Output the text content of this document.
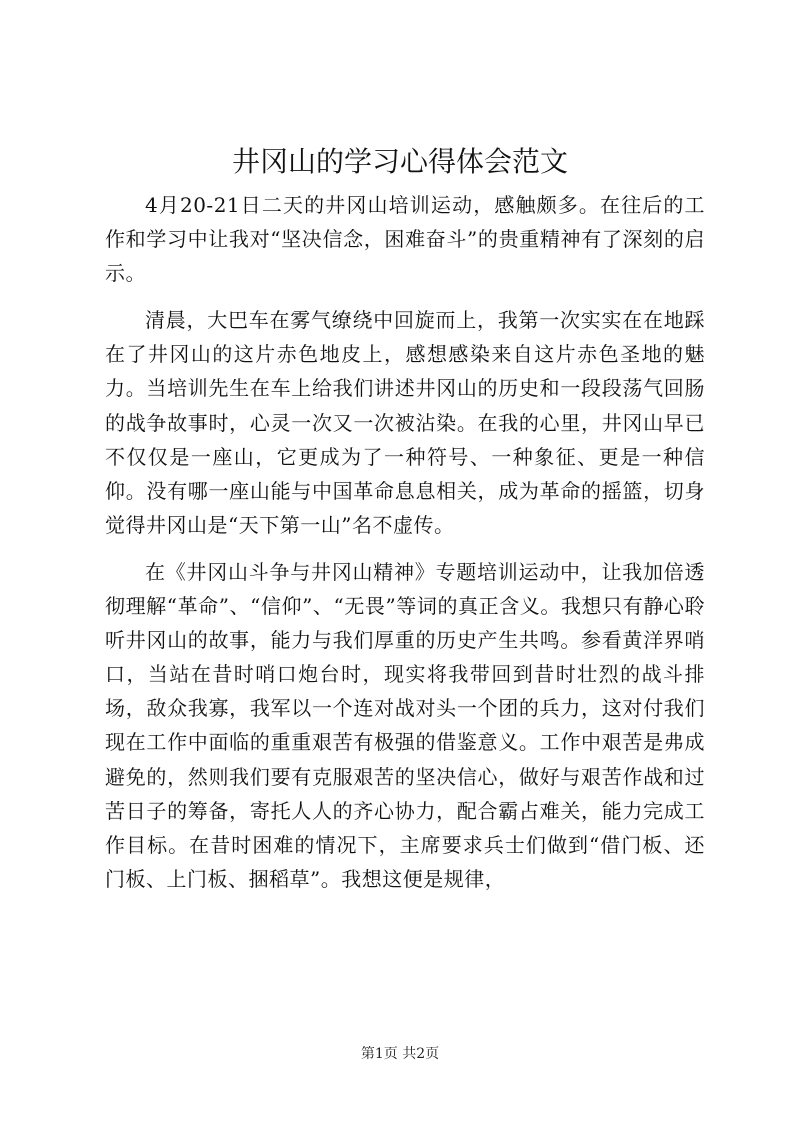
井冈山的学习心得体会范文

4月20-21日二天的井冈山培训运动，感触颇多。在往后的工作和学习中让我对“坚决信念，困难奋斗”的贵重精神有了深刻的启示。

清晨，大巴车在雾气缭绕中回旋而上，我第一次实实在在地踩在了井冈山的这片赤色地皮上，感想感染来自这片赤色圣地的魅力。当培训先生在车上给我们讲述井冈山的历史和一段段荡气回肠的战争故事时，心灵一次又一次被沾染。在我的心里，井冈山早已不仅仅是一座山，它更成为了一种符号、一种象征、更是一种信仰。没有哪一座山能与中国革命息息相关，成为革命的摇篮，切身觉得井冈山是“天下第一山”名不虚传。

在《井冈山斗争与井冈山精神》专题培训运动中，让我加倍透彻理解“革命”、“信仰”、“无畏”等词的真正含义。我想只有静心聆听井冈山的故事，能力与我们厚重的历史产生共鸣。参看黄洋界哨口，当站在昔时哨口炮台时，现实将我带回到昔时壮烈的战斗排场，敌众我寡，我军以一个连对战对头一个团的兵力，这对付我们现在工作中面临的重重艰苦有极强的借鉴意义。工作中艰苦是弗成避免的，然则我们要有克服艰苦的坚决信心，做好与艰苦作战和过苦日子的筹备，寄托人人的齐心协力，配合霸占难关，能力完成工作目标。在昔时困难的情况下，主席要求兵士们做到“借门板、还门板、上门板、捆稻草”。我想这便是规律，

第1页 共2页
